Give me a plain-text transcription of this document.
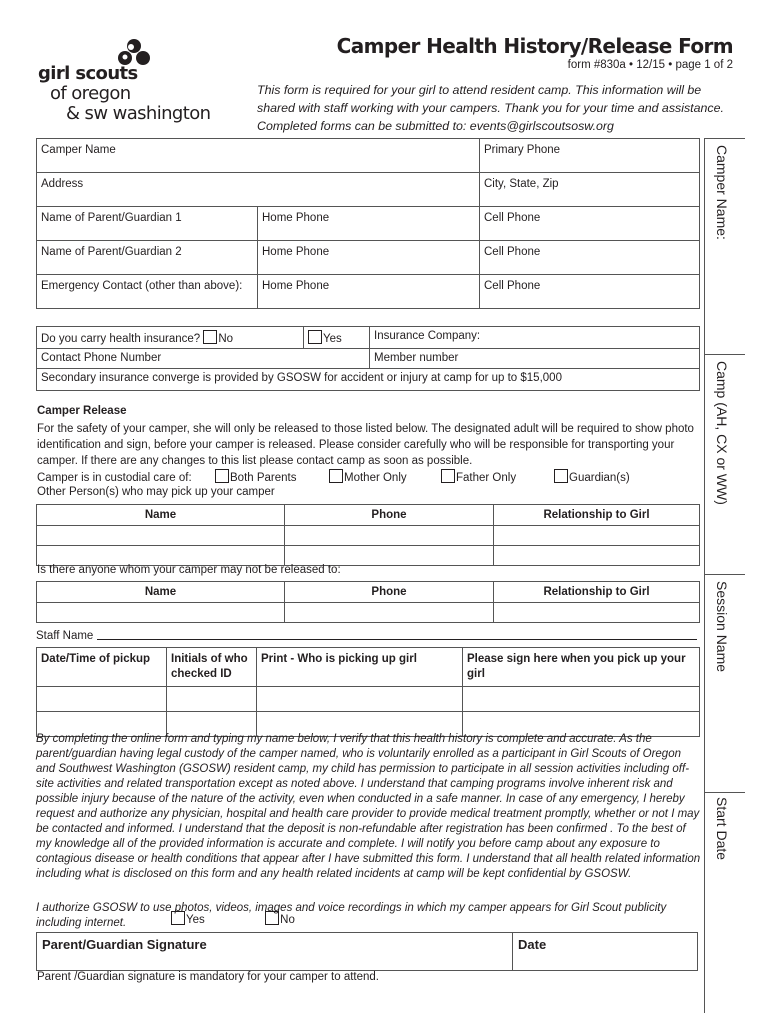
girl scouts
of oregon
& sw washington
Camper Health History/Release Form
form #830a • 12/15 • page 1 of 2
This form is required for your girl to attend resident camp. This information will be shared with staff working with your campers. Thank you for your time and assistance. Completed forms can be submitted to: events@girlscoutsosw.org
Camper Name		Primary Phone
Address		City, State, Zip
Name of Parent/Guardian 1	Home Phone	Cell Phone
Name of Parent/Guardian 2	Home Phone	Cell Phone
Emergency Contact (other than above):	Home Phone	Cell Phone
Do you carry health insurance? No	Yes	Insurance Company:
Contact Phone Number		Member number
Secondary insurance converge is provided by GSOSW for accident or injury at camp for up to $15,000		
Camper Release
For the safety of your camper, she will only be released to those listed below. The designated adult will be required to show photo identification and sign, before your camper is released. Please consider carefully who will be responsible for transporting your camper. If there are any changes to this list please contact camp as soon as possible.
Camper is in custodial care of:	Both Parents	Mother Only	Father Only	Guardian(s)
Other Person(s) who may pick up your camper
Name	Phone	Relationship to Girl

Is there anyone whom your camper may not be released to:
Name	Phone	Relationship to Girl

Staff Name
Date/Time of pickup	Initials of who checked ID	Print - Who is picking up girl	Please sign here when you pick up your girl

By completing the online form and typing my name below, I verify that this health history is complete and accurate. As the parent/guardian having legal custody of the camper named, who is voluntarily enrolled as a participant in Girl Scouts of Oregon and Southwest Washington (GSOSW) resident camp, my child has permission to participate in all session activities including off-site activities and related transportation except as noted above. I understand that camping programs involve inherent risk and possible injury because of the nature of the activity, even when conducted in a safe manner. In case of any emergency, I hereby request and authorize any physician, hospital and health care provider to provide medical treatment promptly, whether or not I may be contacted and informed. I understand that the deposit is non-refundable after registration has been confirmed . To the best of my knowledge all of the provided information is accurate and complete. I will notify you before camp about any exposure to contagious disease or health conditions that appear after I have submitted this form. I understand that all health related information including what is disclosed on this form and any health related incidents at camp will be kept confidential by GSOSW.
I authorize GSOSW to use photos, videos, images and voice recordings in which my camper appears for Girl Scout publicity including internet.	Yes	No
Parent/Guardian Signature	Date
Parent /Guardian signature is mandatory for your camper to attend.
Camper Name:
Camp (AH, CX or WW)
Session Name
Start Date
